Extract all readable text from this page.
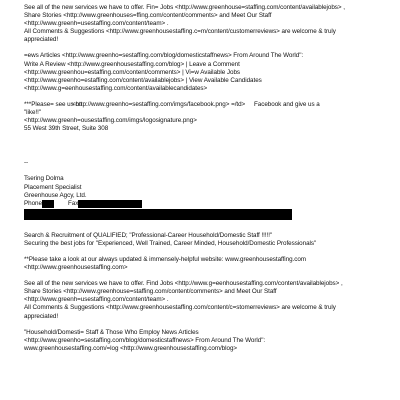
See all of the new services we have to offer. Fin= Jobs <http://www.greenhouse=staffing.com/content/availablejobs> ,
Share Stories <http://www.greenhouses=ffing.com/content/comments> and Meet Our Staff
<http://www.greenh=usestaffing.com/content/team> .
All Comments & Suggestions <http://www.greenhousestaffing.c=m/content/customerreviews> are welcome & truly
appreciated!
=ews Articles <http://www.greenho=sestaffing.com/blog/domesticstaffnews> From Around The World":
Write A Review <http://www.greenhousestaffing.com/blog> | Leave a Comment
<http://www.greenhou=estaffing.com/content/comments> | Vi=w Available Jobs
<http://www.greenho=estaffing.com/content/availablejobs> | View Available Candidates
<http://www.g=eenhousestaffing.com/content/availablecandidates>
***Please= see us on
<http://www.greenho=sestaffing.com/imgs/facebook.png> =/td>	Facebook and give us a
"like!!"
<http://www.greenh=ousestaffing.com/imgs/logosignature.png>
55 West 39th Street, Suite 308
--
Tsering Dolma
Placement Specialist
Greenhouse Agcy, Ltd.
Phone	Fax
Search & Recruitment of QUALIFIED; "Professional-Career Household/Domestic Staff !!!!!"
Securing the best jobs for "Experienced, Well Trained, Career Minded, Household/Domestic Professionals"
**Please take a look at our always updated & immensely-helpful website: www.greenhousestaffing.com
<http://www.greenhousestaffing.com>
See all of the new services we have to offer. Find Jobs <http://www.g=eenhousestaffing.com/content/availablejobs> ,
Share Stories <http://www.greenhouse=staffing.com/content/comments> and Meet Our Staff
<http://www.greenh=usestaffing.com/content/team> .
All Comments & Suggestions <http://www.greenhousestaffing.com/content/c=stomerreviews> are welcome & truly
appreciated!
"Household/Domesti= Staff & Those Who Employ News Articles
<http://www.greenho=sestaffing.com/blog/domesticstaffnews> From Around The World":
www.greenhousestaffing.com/=log <http://www.greenhousestaffing.com/blog>
